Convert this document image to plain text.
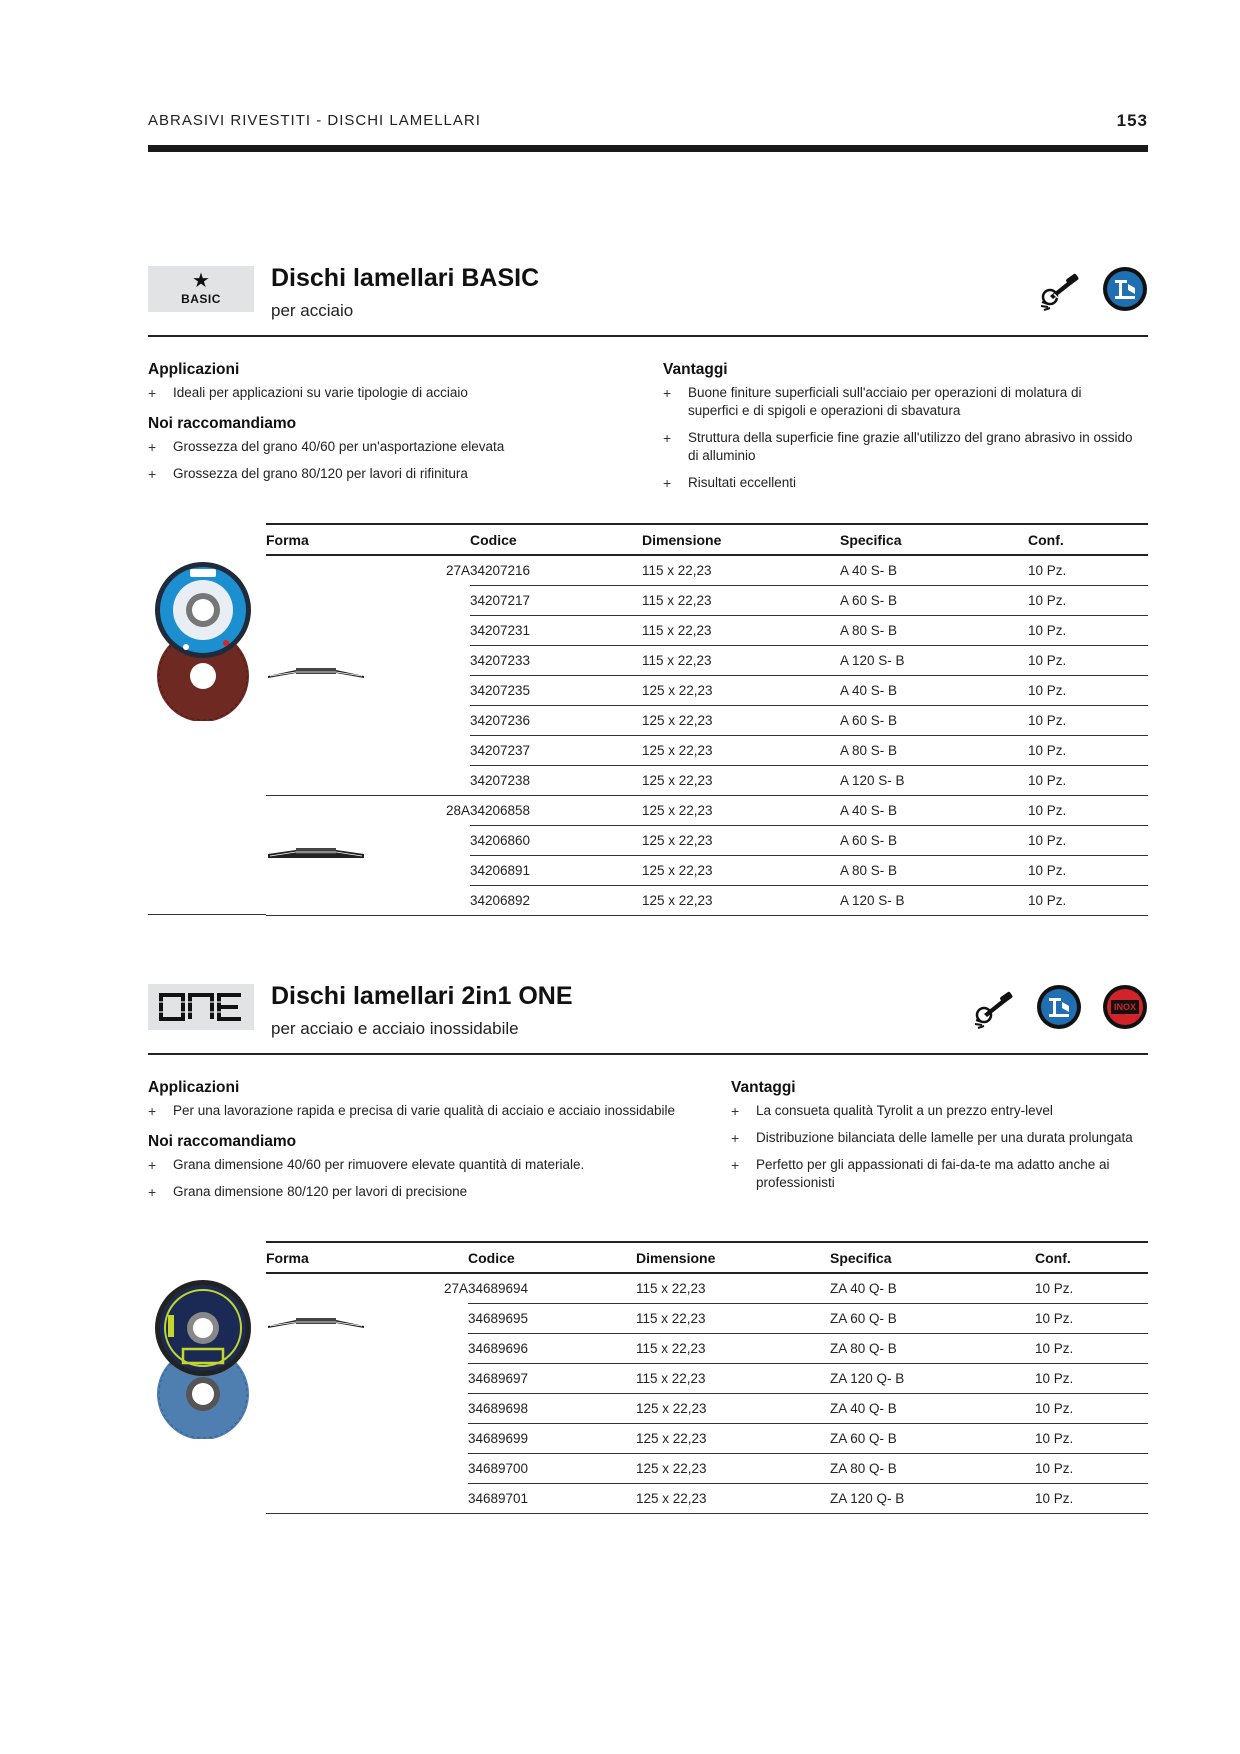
ABRASIVI RIVESTITI - DISCHI LAMELLARI	153
★
BASIC
Dischi lamellari BASIC
per acciaio
Applicazioni
+ Ideali per applicazioni su varie tipologie di acciaio
Noi raccomandiamo
+ Grossezza del grano 40/60 per un'asportazione elevata
+ Grossezza del grano 80/120 per lavori di rifinitura
Vantaggi
+ Buone finiture superficiali sull'acciaio per operazioni di molatura di superfici e di spigoli e operazioni di sbavatura
+ Struttura della superficie fine grazie all'utilizzo del grano abrasivo in ossido di alluminio
+ Risultati eccellenti
Forma		Codice	Dimensione	Specifica	Conf.
	27A	34207216	115 x 22,23	A 40 S- B	10 Pz.
		34207217	115 x 22,23	A 60 S- B	10 Pz.
		34207231	115 x 22,23	A 80 S- B	10 Pz.
		34207233	115 x 22,23	A 120 S- B	10 Pz.
		34207235	125 x 22,23	A 40 S- B	10 Pz.
		34207236	125 x 22,23	A 60 S- B	10 Pz.
		34207237	125 x 22,23	A 80 S- B	10 Pz.
		34207238	125 x 22,23	A 120 S- B	10 Pz.
	28A	34206858	125 x 22,23	A 40 S- B	10 Pz.
		34206860	125 x 22,23	A 60 S- B	10 Pz.
		34206891	125 x 22,23	A 80 S- B	10 Pz.
		34206892	125 x 22,23	A 120 S- B	10 Pz.
Dischi lamellari 2in1 ONE
per acciaio e acciaio inossidabile
INOX
Applicazioni
+ Per una lavorazione rapida e precisa di varie qualità di acciaio e acciaio inossidabile
Noi raccomandiamo
+ Grana dimensione 40/60 per rimuovere elevate quantità di materiale.
+ Grana dimensione 80/120 per lavori di precisione
Vantaggi
+ La consueta qualità Tyrolit a un prezzo entry-level
+ Distribuzione bilanciata delle lamelle per una durata prolungata
+ Perfetto per gli appassionati di fai-da-te ma adatto anche ai professionisti
Forma		Codice	Dimensione	Specifica	Conf.
	27A	34689694	115 x 22,23	ZA 40 Q- B	10 Pz.
		34689695	115 x 22,23	ZA 60 Q- B	10 Pz.
		34689696	115 x 22,23	ZA 80 Q- B	10 Pz.
		34689697	115 x 22,23	ZA 120 Q- B	10 Pz.
		34689698	125 x 22,23	ZA 40 Q- B	10 Pz.
		34689699	125 x 22,23	ZA 60 Q- B	10 Pz.
		34689700	125 x 22,23	ZA 80 Q- B	10 Pz.
		34689701	125 x 22,23	ZA 120 Q- B	10 Pz.
